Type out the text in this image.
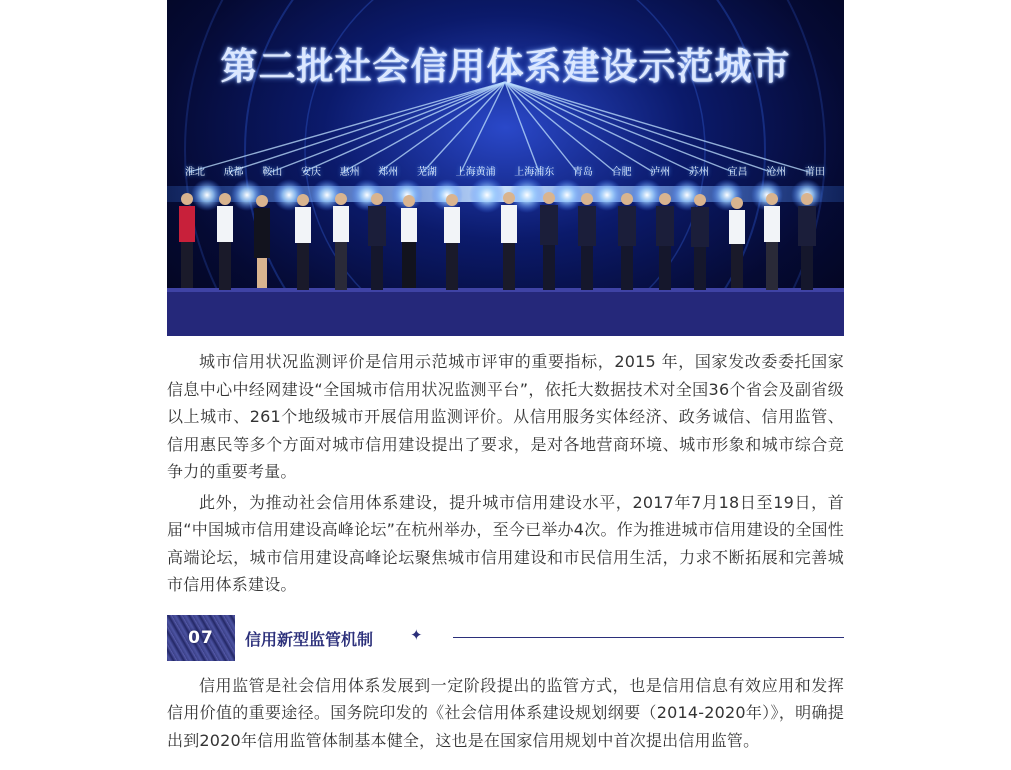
第二批社会信用体系建设示范城市
淮北 成都 鞍山 安庆 惠州 郑州 芜湖 上海黄浦 上海浦东 青岛 合肥 泸州 苏州 宜昌 沧州 莆田

城市信用状况监测评价是信用示范城市评审的重要指标，2015 年，国家发改委委托国家信息中心中经网建设“全国城市信用状况监测平台”，依托大数据技术对全国36个省会及副省级以上城市、261个地级城市开展信用监测评价。从信用服务实体经济、政务诚信、信用监管、信用惠民等多个方面对城市信用建设提出了要求，是对各地营商环境、城市形象和城市综合竞争力的重要考量。

此外，为推动社会信用体系建设，提升城市信用建设水平，2017年7月18日至19日，首届“中国城市信用建设高峰论坛”在杭州举办，至今已举办4次。作为推进城市信用建设的全国性高端论坛，城市信用建设高峰论坛聚焦城市信用建设和市民信用生活，力求不断拓展和完善城市信用体系建设。

07 信用新型监管机制 ✦

信用监管是社会信用体系发展到一定阶段提出的监管方式，也是信用信息有效应用和发挥信用价值的重要途径。国务院印发的《社会信用体系建设规划纲要（2014-2020年）》，明确提出到2020年信用监管体制基本健全，这也是在国家信用规划中首次提出信用监管。
